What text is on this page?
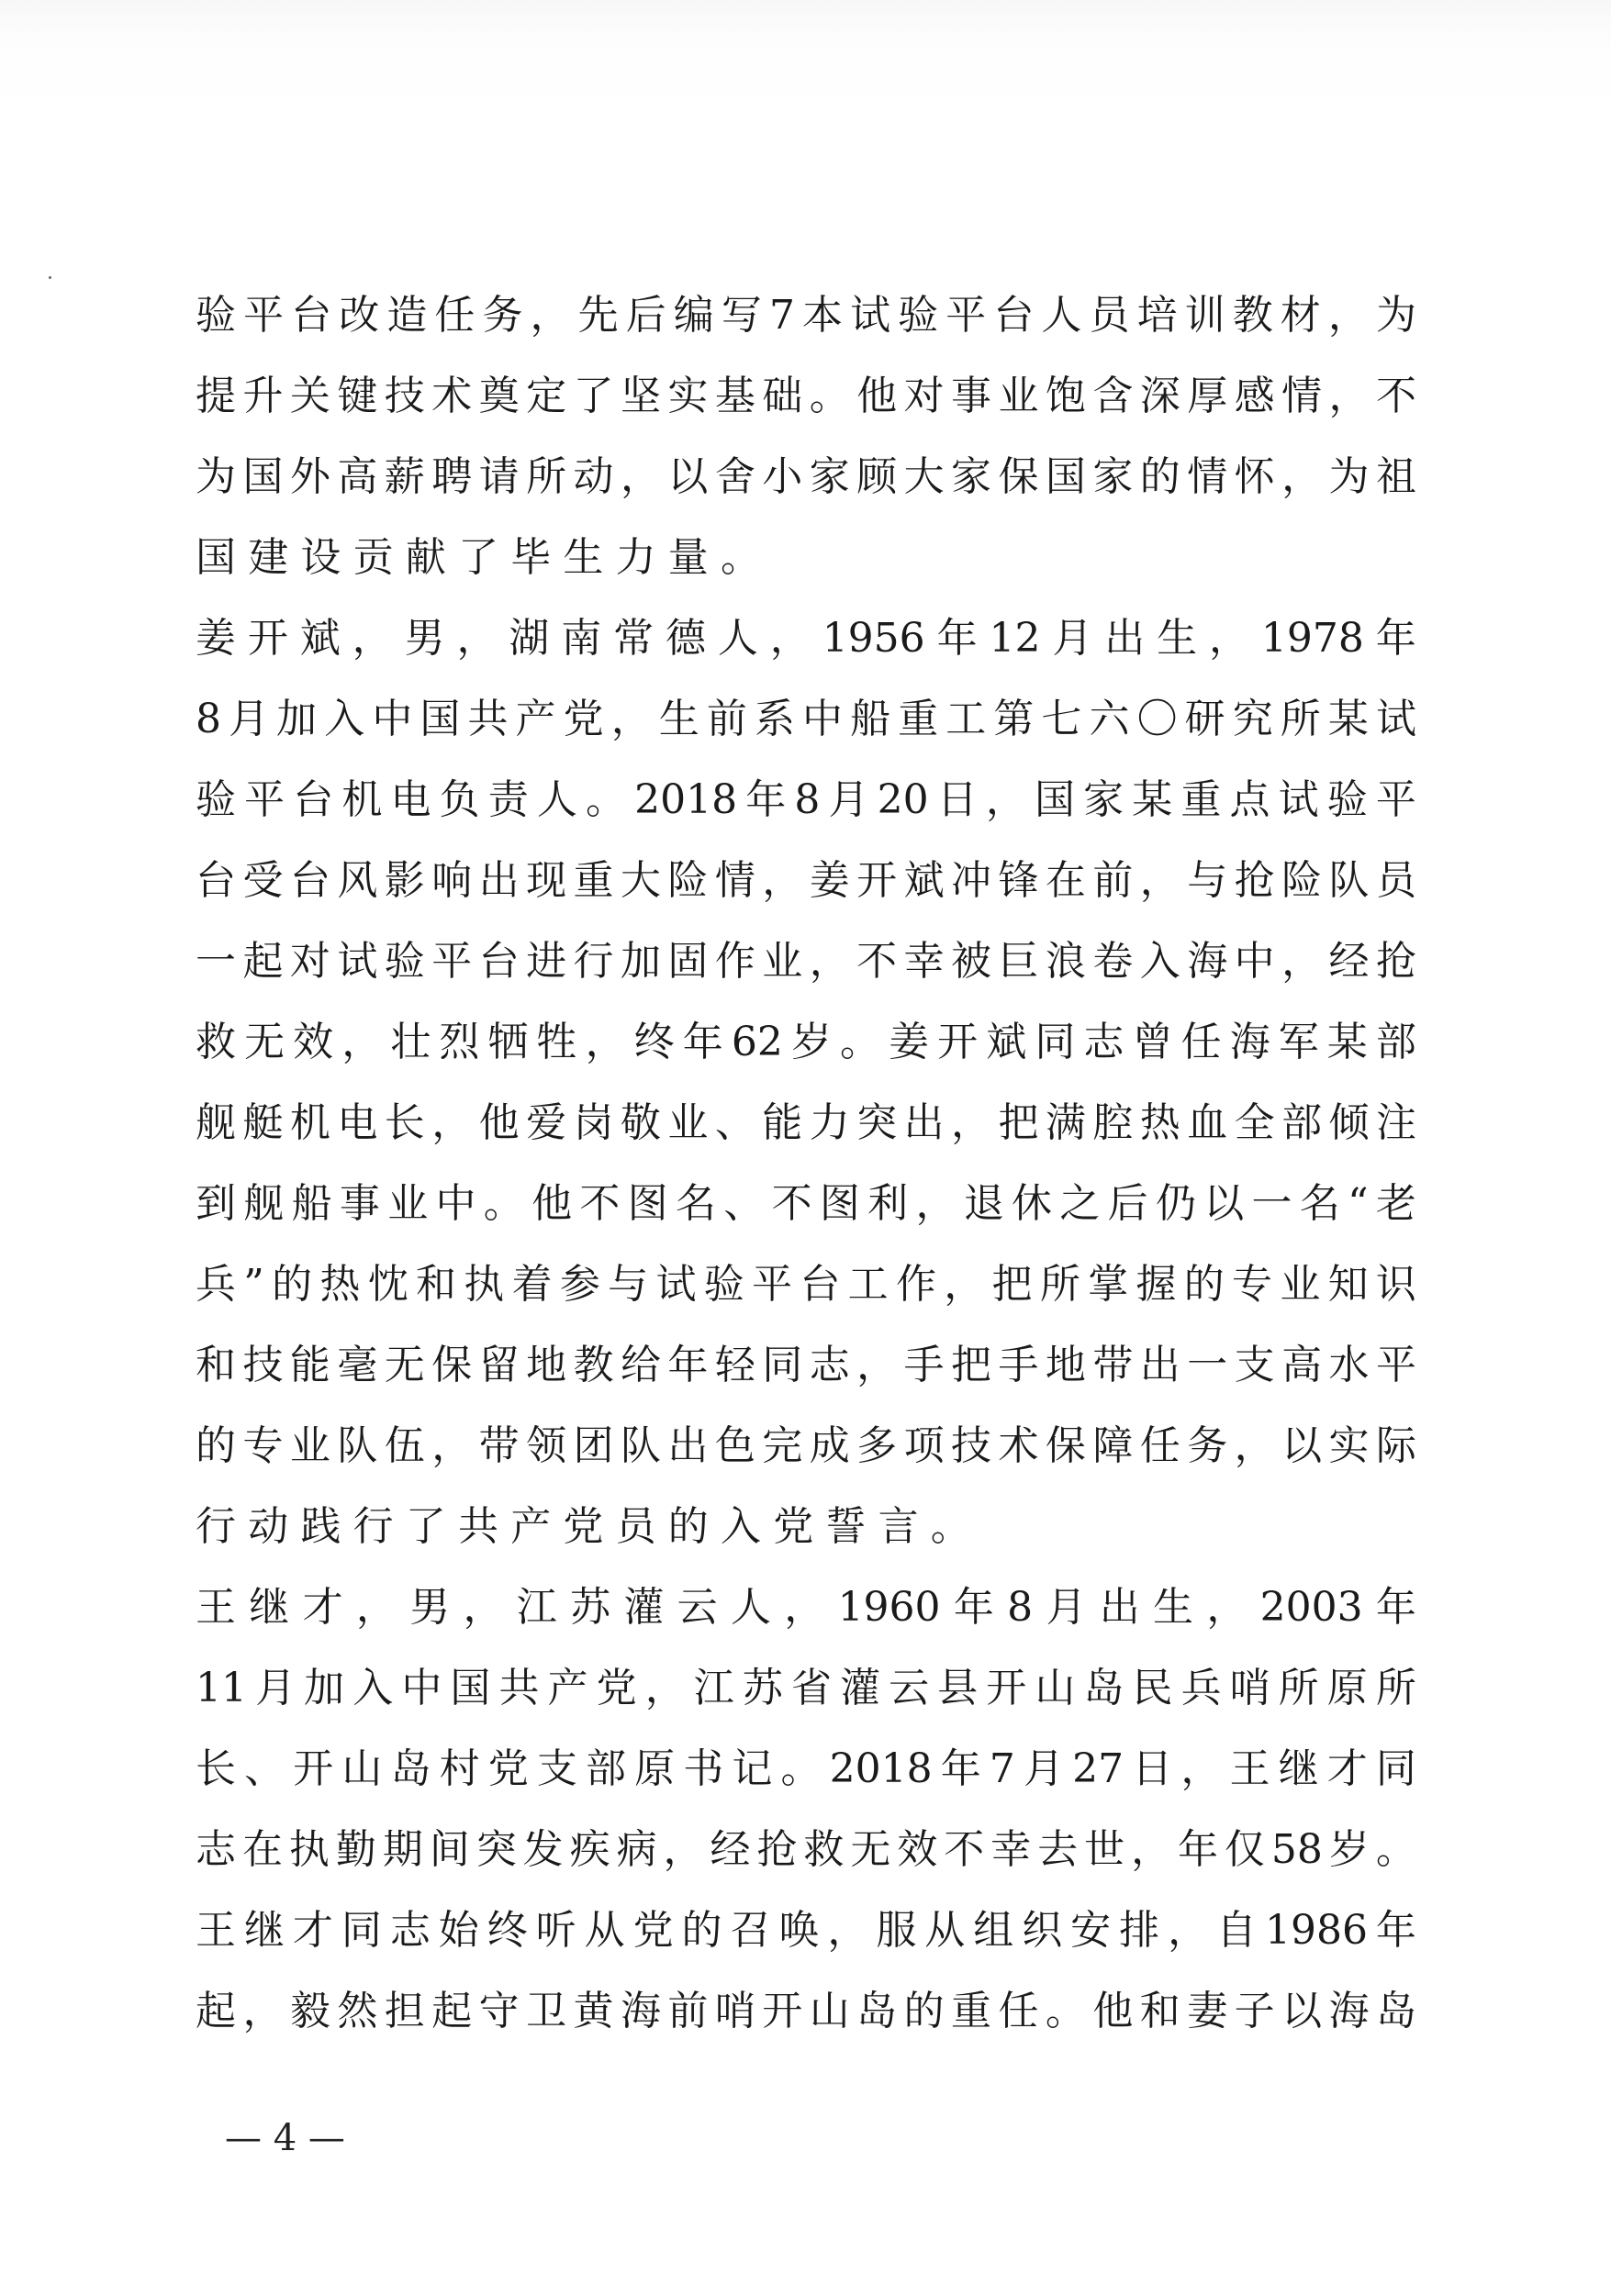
验 平 台 改 造 任 务 ， 先 后 编 写 7 本 试 验 平 台 人 员 培 训 教 材 ， 为
提 升 关 键 技 术 奠 定 了 坚 实 基 础 。 他 对 事 业 饱 含 深 厚 感 情 ， 不
为 国 外 高 薪 聘 请 所 动 ， 以 舍 小 家 顾 大 家 保 国 家 的 情 怀 ， 为 祖
国建设贡献了毕生力量。
姜 开 斌 ， 男 ， 湖 南 常 德 人 ， 1956 年 12 月 出 生 ， 1978 年
8 月 加 入 中 国 共 产 党 ， 生 前 系 中 船 重 工 第 七 六 〇 研 究 所 某 试
验 平 台 机 电 负 责 人 。 2018 年 8 月 20 日 ， 国 家 某 重 点 试 验 平
台 受 台 风 影 响 出 现 重 大 险 情 ， 姜 开 斌 冲 锋 在 前 ， 与 抢 险 队 员
一 起 对 试 验 平 台 进 行 加 固 作 业 ， 不 幸 被 巨 浪 卷 入 海 中 ， 经 抢
救 无 效 ， 壮 烈 牺 牲 ， 终 年 62 岁 。 姜 开 斌 同 志 曾 任 海 军 某 部
舰 艇 机 电 长 ， 他 爱 岗 敬 业 、 能 力 突 出 ， 把 满 腔 热 血 全 部 倾 注
到 舰 船 事 业 中 。 他 不 图 名 、 不 图 利 ， 退 休 之 后 仍 以 一 名 “ 老
兵 ” 的 热 忱 和 执 着 参 与 试 验 平 台 工 作 ， 把 所 掌 握 的 专 业 知 识
和 技 能 毫 无 保 留 地 教 给 年 轻 同 志 ， 手 把 手 地 带 出 一 支 高 水 平
的 专 业 队 伍 ， 带 领 团 队 出 色 完 成 多 项 技 术 保 障 任 务 ， 以 实 际
行动践行了共产党员的入党誓言。
王 继 才 ， 男 ， 江 苏 灌 云 人 ， 1960 年 8 月 出 生 ， 2003 年
11 月 加 入 中 国 共 产 党 ， 江 苏 省 灌 云 县 开 山 岛 民 兵 哨 所 原 所
长 、 开 山 岛 村 党 支 部 原 书 记 。 2018 年 7 月 27 日 ， 王 继 才 同
志 在 执 勤 期 间 突 发 疾 病 ， 经 抢 救 无 效 不 幸 去 世 ， 年 仅 58 岁 。
王 继 才 同 志 始 终 听 从 党 的 召 唤 ， 服 从 组 织 安 排 ， 自 1986 年
起 ， 毅 然 担 起 守 卫 黄 海 前 哨 开 山 岛 的 重 任 。 他 和 妻 子 以 海 岛
— 4 —
